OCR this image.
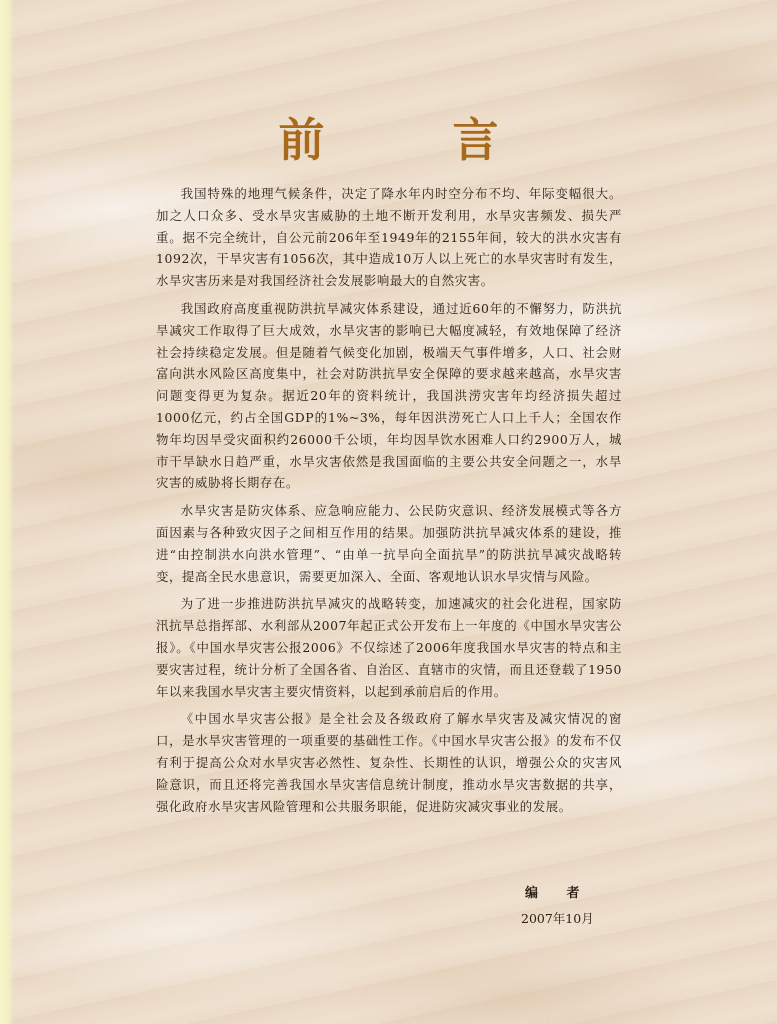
前 言

我国特殊的地理气候条件，决定了降水年内时空分布不均、年际变幅很大。加之人口众多、受水旱灾害威胁的土地不断开发利用，水旱灾害频发、损失严重。据不完全统计，自公元前206年至1949年的2155年间，较大的洪水灾害有1092次，干旱灾害有1056次，其中造成10万人以上死亡的水旱灾害时有发生，水旱灾害历来是对我国经济社会发展影响最大的自然灾害。

我国政府高度重视防洪抗旱减灾体系建设，通过近60年的不懈努力，防洪抗旱减灾工作取得了巨大成效，水旱灾害的影响已大幅度减轻，有效地保障了经济社会持续稳定发展。但是随着气候变化加剧，极端天气事件增多，人口、社会财富向洪水风险区高度集中，社会对防洪抗旱安全保障的要求越来越高，水旱灾害问题变得更为复杂。据近20年的资料统计，我国洪涝灾害年均经济损失超过1000亿元，约占全国GDP的1%~3%，每年因洪涝死亡人口上千人；全国农作物年均因旱受灾面积约26000千公顷，年均因旱饮水困难人口约2900万人，城市干旱缺水日趋严重，水旱灾害依然是我国面临的主要公共安全问题之一，水旱灾害的威胁将长期存在。

水旱灾害是防灾体系、应急响应能力、公民防灾意识、经济发展模式等各方面因素与各种致灾因子之间相互作用的结果。加强防洪抗旱减灾体系的建设，推进“由控制洪水向洪水管理”、“由单一抗旱向全面抗旱”的防洪抗旱减灾战略转变，提高全民水患意识，需要更加深入、全面、客观地认识水旱灾情与风险。

为了进一步推进防洪抗旱减灾的战略转变，加速减灾的社会化进程，国家防汛抗旱总指挥部、水利部从2007年起正式公开发布上一年度的《中国水旱灾害公报》。《中国水旱灾害公报2006》不仅综述了2006年度我国水旱灾害的特点和主要灾害过程，统计分析了全国各省、自治区、直辖市的灾情，而且还登载了1950年以来我国水旱灾害主要灾情资料，以起到承前启后的作用。

《中国水旱灾害公报》是全社会及各级政府了解水旱灾害及减灾情况的窗口，是水旱灾害管理的一项重要的基础性工作。《中国水旱灾害公报》的发布不仅有利于提高公众对水旱灾害必然性、复杂性、长期性的认识，增强公众的灾害风险意识，而且还将完善我国水旱灾害信息统计制度，推动水旱灾害数据的共享，强化政府水旱灾害风险管理和公共服务职能，促进防灾减灾事业的发展。

编 者
2007年10月
